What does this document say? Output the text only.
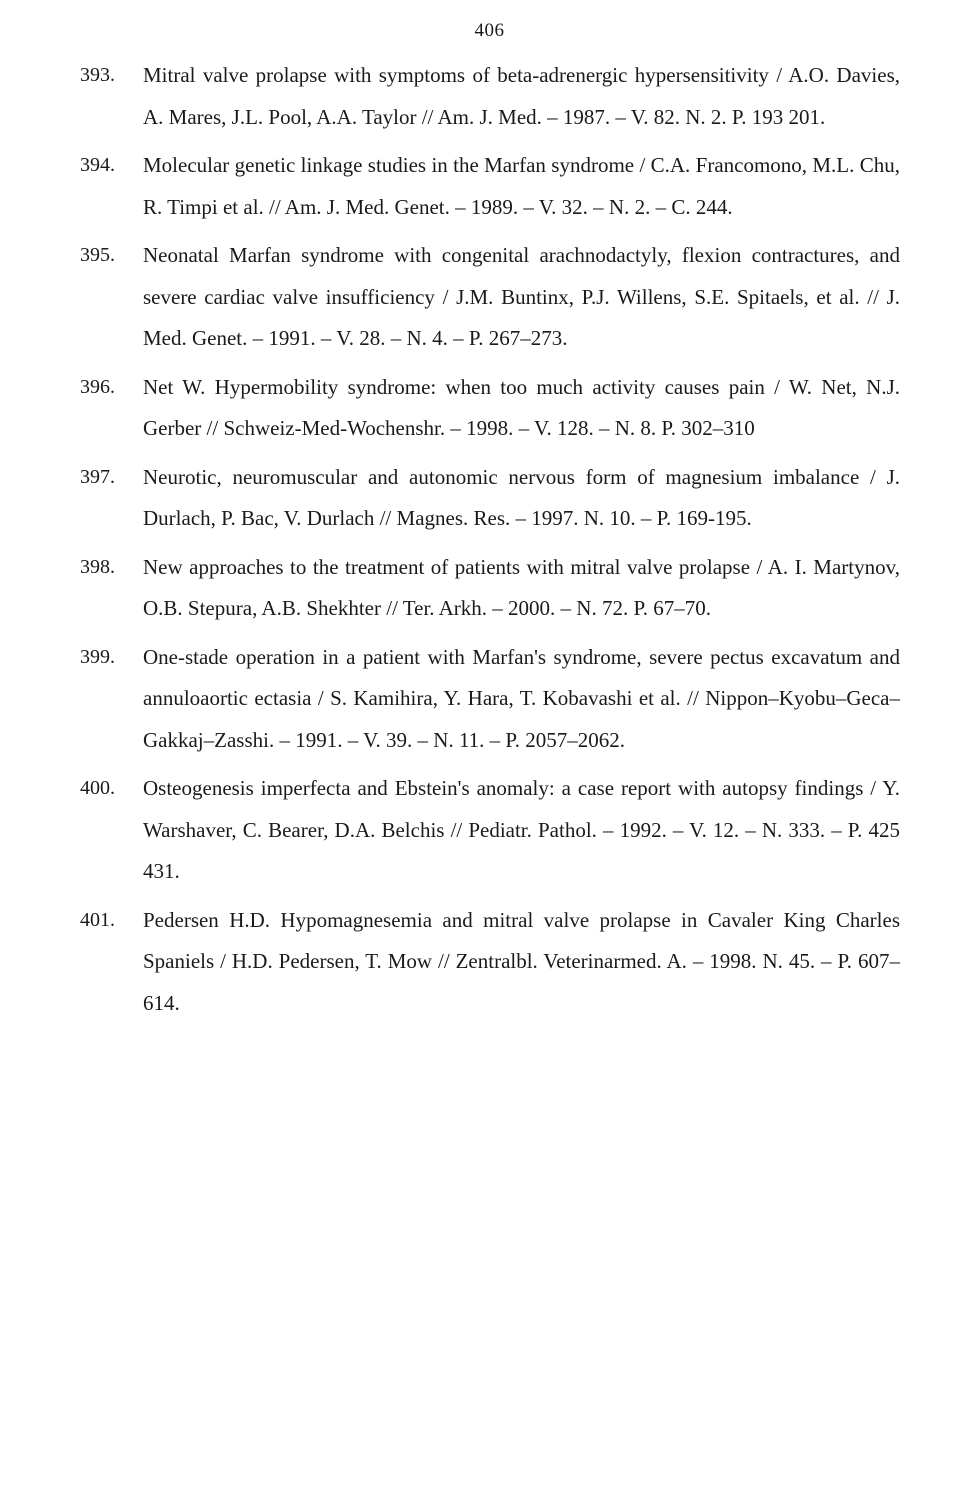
406
393. Mitral valve prolapse with symptoms of beta-adrenergic hypersensitivity / A.O. Davies, A. Mares, J.L. Pool, A.A. Taylor // Am. J. Med. – 1987. – V. 82. N. 2. P. 193 201.
394. Molecular genetic linkage studies in the Marfan syndrome / C.A. Francomono, M.L. Chu, R. Timpi et al. // Am. J. Med. Genet. – 1989. – V. 32. – N. 2. – C. 244.
395. Neonatal Marfan syndrome with congenital arachnodactyly, flexion contractures, and severe cardiac valve insufficiency / J.M. Buntinx, P.J. Willens, S.E. Spitaels, et al. // J. Med. Genet. – 1991. – V. 28. – N. 4. – P. 267–273.
396. Net W. Hypermobility syndrome: when too much activity causes pain / W. Net, N.J. Gerber // Schweiz-Med-Wochenshr. – 1998. – V. 128. – N. 8. P. 302–310
397. Neurotic, neuromuscular and autonomic nervous form of magnesium imbalance / J. Durlach, P. Bac, V. Durlach // Magnes. Res. – 1997. N. 10. – P. 169-195.
398. New approaches to the treatment of patients with mitral valve prolapse / A. I. Martynov, O.B. Stepura, A.B. Shekhter // Ter. Arkh. – 2000. – N. 72. P. 67–70.
399. One-stade operation in a patient with Marfan's syndrome, severe pectus excavatum and annuloaortic ectasia / S. Kamihira, Y. Hara, T. Kobavashi et al. // Nippon–Kyobu–Geca–Gakkaj–Zasshi. – 1991. – V. 39. – N. 11. – P. 2057–2062.
400. Osteogenesis imperfecta and Ebstein's anomaly: a case report with autopsy findings / Y. Warshaver, C. Bearer, D.A. Belchis // Pediatr. Pathol. – 1992. – V. 12. – N. 333. – P. 425 431.
401. Pedersen H.D. Hypomagnesemia and mitral valve prolapse in Cavaler King Charles Spaniels / H.D. Pedersen, T. Mow // Zentralbl. Veterinarmed. A. – 1998. N. 45. – P. 607–614.
